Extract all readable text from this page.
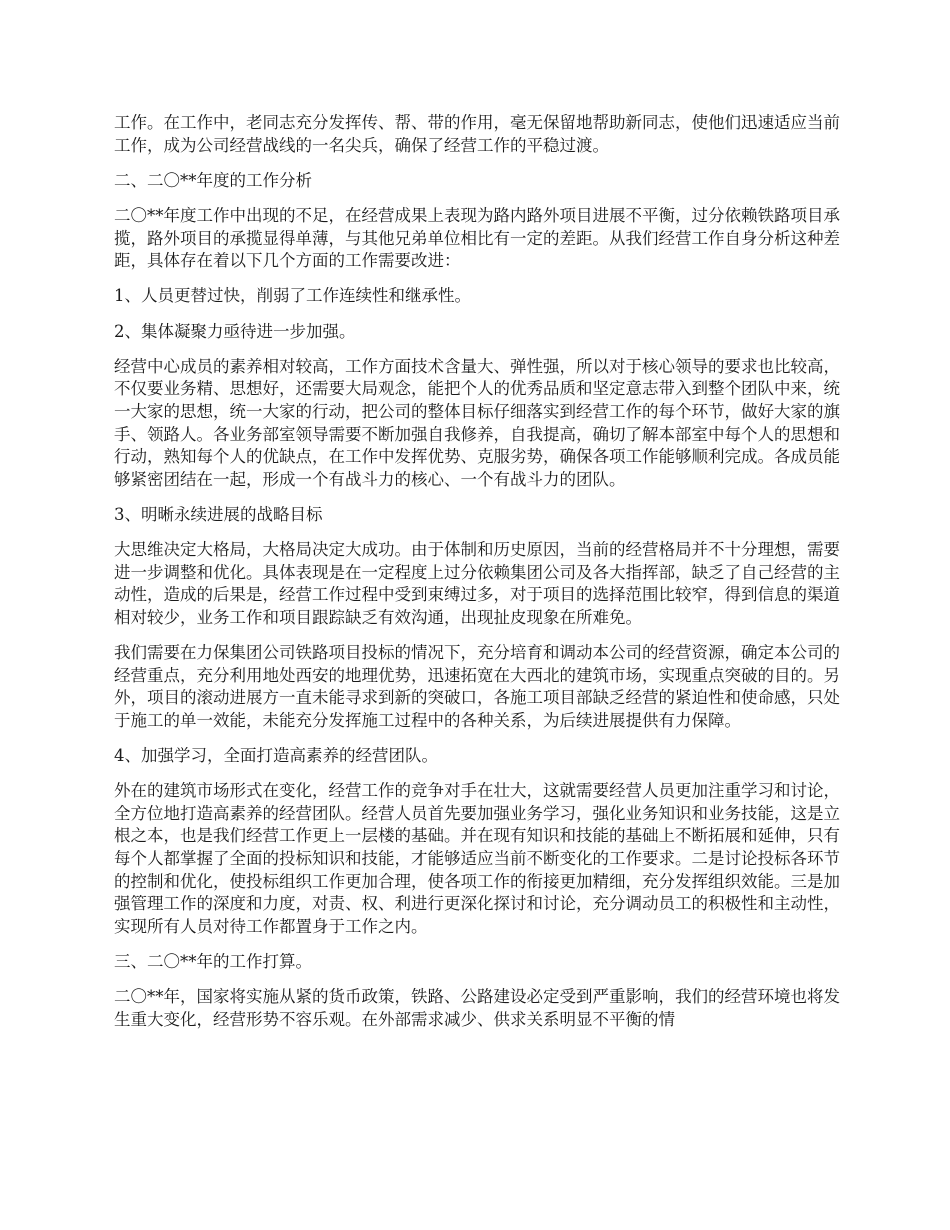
工作。在工作中，老同志充分发挥传、帮、带的作用，毫无保留地帮助新同志，使他们迅速适应当前工作，成为公司经营战线的一名尖兵，确保了经营工作的平稳过渡。

二、二〇**年度的工作分析

二〇**年度工作中出现的不足，在经营成果上表现为路内路外项目进展不平衡，过分依赖铁路项目承揽，路外项目的承揽显得单薄，与其他兄弟单位相比有一定的差距。从我们经营工作自身分析这种差距，具体存在着以下几个方面的工作需要改进：

1、人员更替过快，削弱了工作连续性和继承性。

2、集体凝聚力亟待进一步加强。

经营中心成员的素养相对较高，工作方面技术含量大、弹性强，所以对于核心领导的要求也比较高，不仅要业务精、思想好，还需要大局观念，能把个人的优秀品质和坚定意志带入到整个团队中来，统一大家的思想，统一大家的行动，把公司的整体目标仔细落实到经营工作的每个环节，做好大家的旗手、领路人。各业务部室领导需要不断加强自我修养，自我提高，确切了解本部室中每个人的思想和行动，熟知每个人的优缺点，在工作中发挥优势、克服劣势，确保各项工作能够顺利完成。各成员能够紧密团结在一起，形成一个有战斗力的核心、一个有战斗力的团队。

3、明晰永续进展的战略目标

大思维决定大格局，大格局决定大成功。由于体制和历史原因，当前的经营格局并不十分理想，需要进一步调整和优化。具体表现是在一定程度上过分依赖集团公司及各大指挥部，缺乏了自己经营的主动性，造成的后果是，经营工作过程中受到束缚过多，对于项目的选择范围比较窄，得到信息的渠道相对较少，业务工作和项目跟踪缺乏有效沟通，出现扯皮现象在所难免。

我们需要在力保集团公司铁路项目投标的情况下，充分培育和调动本公司的经营资源，确定本公司的经营重点，充分利用地处西安的地理优势，迅速拓宽在大西北的建筑市场，实现重点突破的目的。另外，项目的滚动进展方一直未能寻求到新的突破口，各施工项目部缺乏经营的紧迫性和使命感，只处于施工的单一效能，未能充分发挥施工过程中的各种关系，为后续进展提供有力保障。

4、加强学习，全面打造高素养的经营团队。

外在的建筑市场形式在变化，经营工作的竞争对手在壮大，这就需要经营人员更加注重学习和讨论，全方位地打造高素养的经营团队。经营人员首先要加强业务学习，强化业务知识和业务技能，这是立根之本，也是我们经营工作更上一层楼的基础。并在现有知识和技能的基础上不断拓展和延伸，只有每个人都掌握了全面的投标知识和技能，才能够适应当前不断变化的工作要求。二是讨论投标各环节的控制和优化，使投标组织工作更加合理，使各项工作的衔接更加精细，充分发挥组织效能。三是加强管理工作的深度和力度，对责、权、利进行更深化探讨和讨论，充分调动员工的积极性和主动性，实现所有人员对待工作都置身于工作之内。

三、二〇**年的工作打算。

二〇**年，国家将实施从紧的货币政策，铁路、公路建设必定受到严重影响，我们的经营环境也将发生重大变化，经营形势不容乐观。在外部需求减少、供求关系明显不平衡的情
